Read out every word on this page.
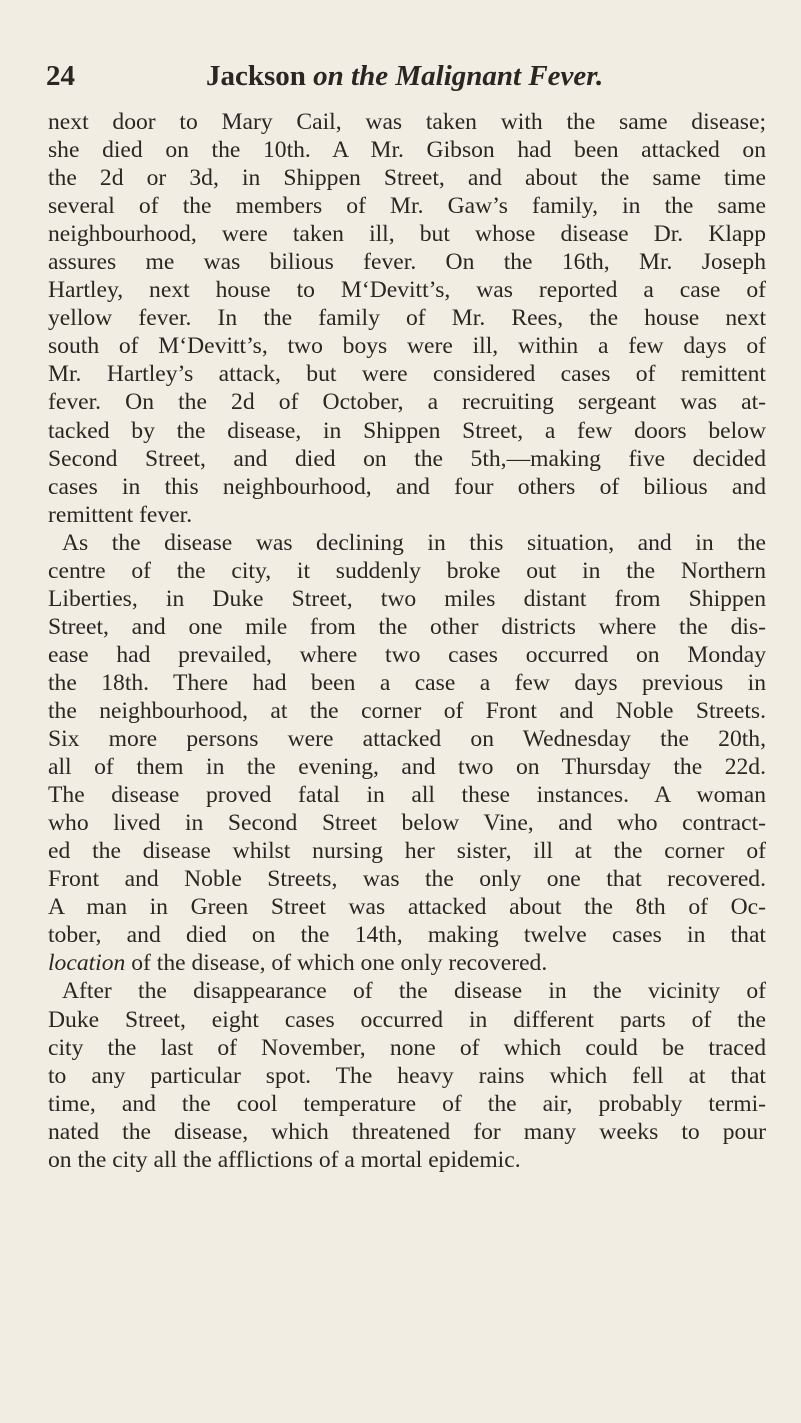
24	Jackson on the Malignant Fever.
next door to Mary Cail, was taken with the same disease;
she died on the 10th. A Mr. Gibson had been attacked on
the 2d or 3d, in Shippen Street, and about the same time
several of the members of Mr. Gaw’s family, in the same
neighbourhood, were taken ill, but whose disease Dr. Klapp
assures me was bilious fever. On the 16th, Mr. Joseph
Hartley, next house to M‘Devitt’s, was reported a case of
yellow fever. In the family of Mr. Rees, the house next
south of M‘Devitt’s, two boys were ill, within a few days of
Mr. Hartley’s attack, but were considered cases of remittent
fever. On the 2d of October, a recruiting sergeant was at-
tacked by the disease, in Shippen Street, a few doors below
Second Street, and died on the 5th,—making five decided
cases in this neighbourhood, and four others of bilious and
remittent fever.
As the disease was declining in this situation, and in the
centre of the city, it suddenly broke out in the Northern
Liberties, in Duke Street, two miles distant from Shippen
Street, and one mile from the other districts where the dis-
ease had prevailed, where two cases occurred on Monday
the 18th. There had been a case a few days previous in
the neighbourhood, at the corner of Front and Noble Streets.
Six more persons were attacked on Wednesday the 20th,
all of them in the evening, and two on Thursday the 22d.
The disease proved fatal in all these instances. A woman
who lived in Second Street below Vine, and who contract-
ed the disease whilst nursing her sister, ill at the corner of
Front and Noble Streets, was the only one that recovered.
A man in Green Street was attacked about the 8th of Oc-
tober, and died on the 14th, making twelve cases in that
location of the disease, of which one only recovered.
After the disappearance of the disease in the vicinity of
Duke Street, eight cases occurred in different parts of the
city the last of November, none of which could be traced
to any particular spot. The heavy rains which fell at that
time, and the cool temperature of the air, probably termi-
nated the disease, which threatened for many weeks to pour
on the city all the afflictions of a mortal epidemic.
